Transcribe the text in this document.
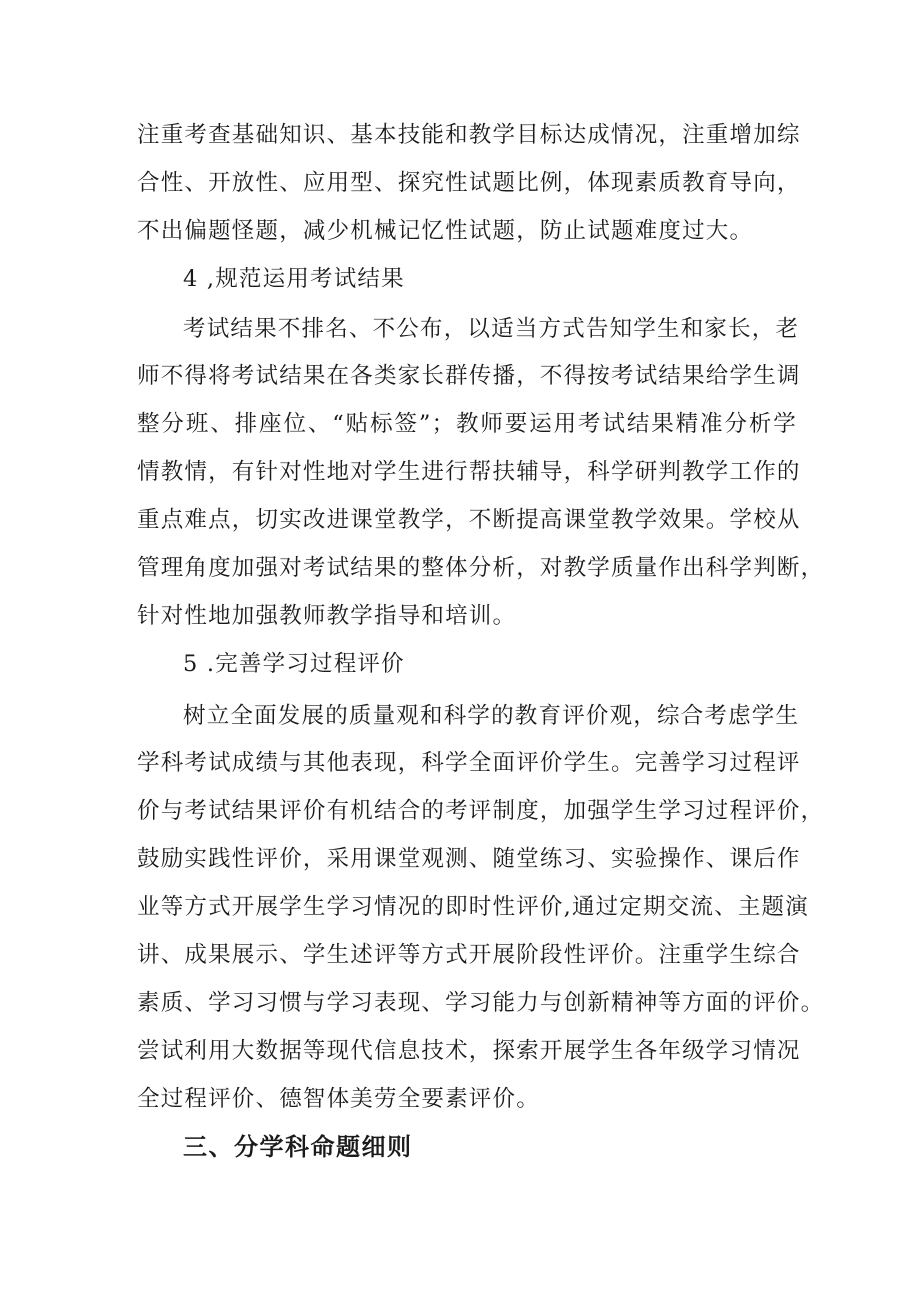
注重考查基础知识、基本技能和教学目标达成情况，注重增加综
合性、开放性、应用型、探究性试题比例，体现素质教育导向，
不出偏题怪题，减少机械记忆性试题，防止试题难度过大。
4 ,规范运用考试结果
考试结果不排名、不公布，以适当方式告知学生和家长，老
师不得将考试结果在各类家长群传播，不得按考试结果给学生调
整分班、排座位、“贴标签”；教师要运用考试结果精准分析学
情教情，有针对性地对学生进行帮扶辅导，科学研判教学工作的
重点难点，切实改进课堂教学，不断提高课堂教学效果。学校从
管理角度加强对考试结果的整体分析，对教学质量作出科学判断，
针对性地加强教师教学指导和培训。
5 .完善学习过程评价
树立全面发展的质量观和科学的教育评价观，综合考虑学生
学科考试成绩与其他表现，科学全面评价学生。完善学习过程评
价与考试结果评价有机结合的考评制度，加强学生学习过程评价，
鼓励实践性评价，采用课堂观测、随堂练习、实验操作、课后作
业等方式开展学生学习情况的即时性评价,通过定期交流、主题演
讲、成果展示、学生述评等方式开展阶段性评价。注重学生综合
素质、学习习惯与学习表现、学习能力与创新精神等方面的评价。
尝试利用大数据等现代信息技术，探索开展学生各年级学习情况
全过程评价、德智体美劳全要素评价。
三、分学科命题细则
